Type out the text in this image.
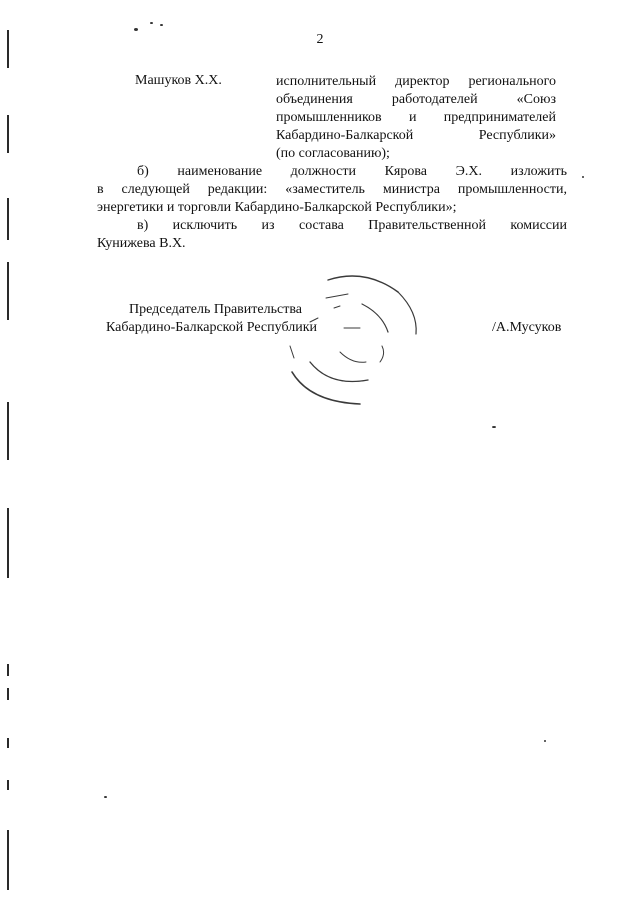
2
Машуков Х.Х.	исполнительный директор регионального
объединения работодателей «Союз
промышленников и предпринимателей
Кабардино-Балкарской Республики»
(по согласованию);
б) наименование должности Кярова Э.Х. изложить
в следующей редакции: «заместитель министра промышленности,
энергетики и торговли Кабардино-Балкарской Республики»;
в) исключить из состава Правительственной комиссии
Кунижева В.Х.
Председатель Правительства
Кабардино-Балкарской Республики	/А.Мусуков
